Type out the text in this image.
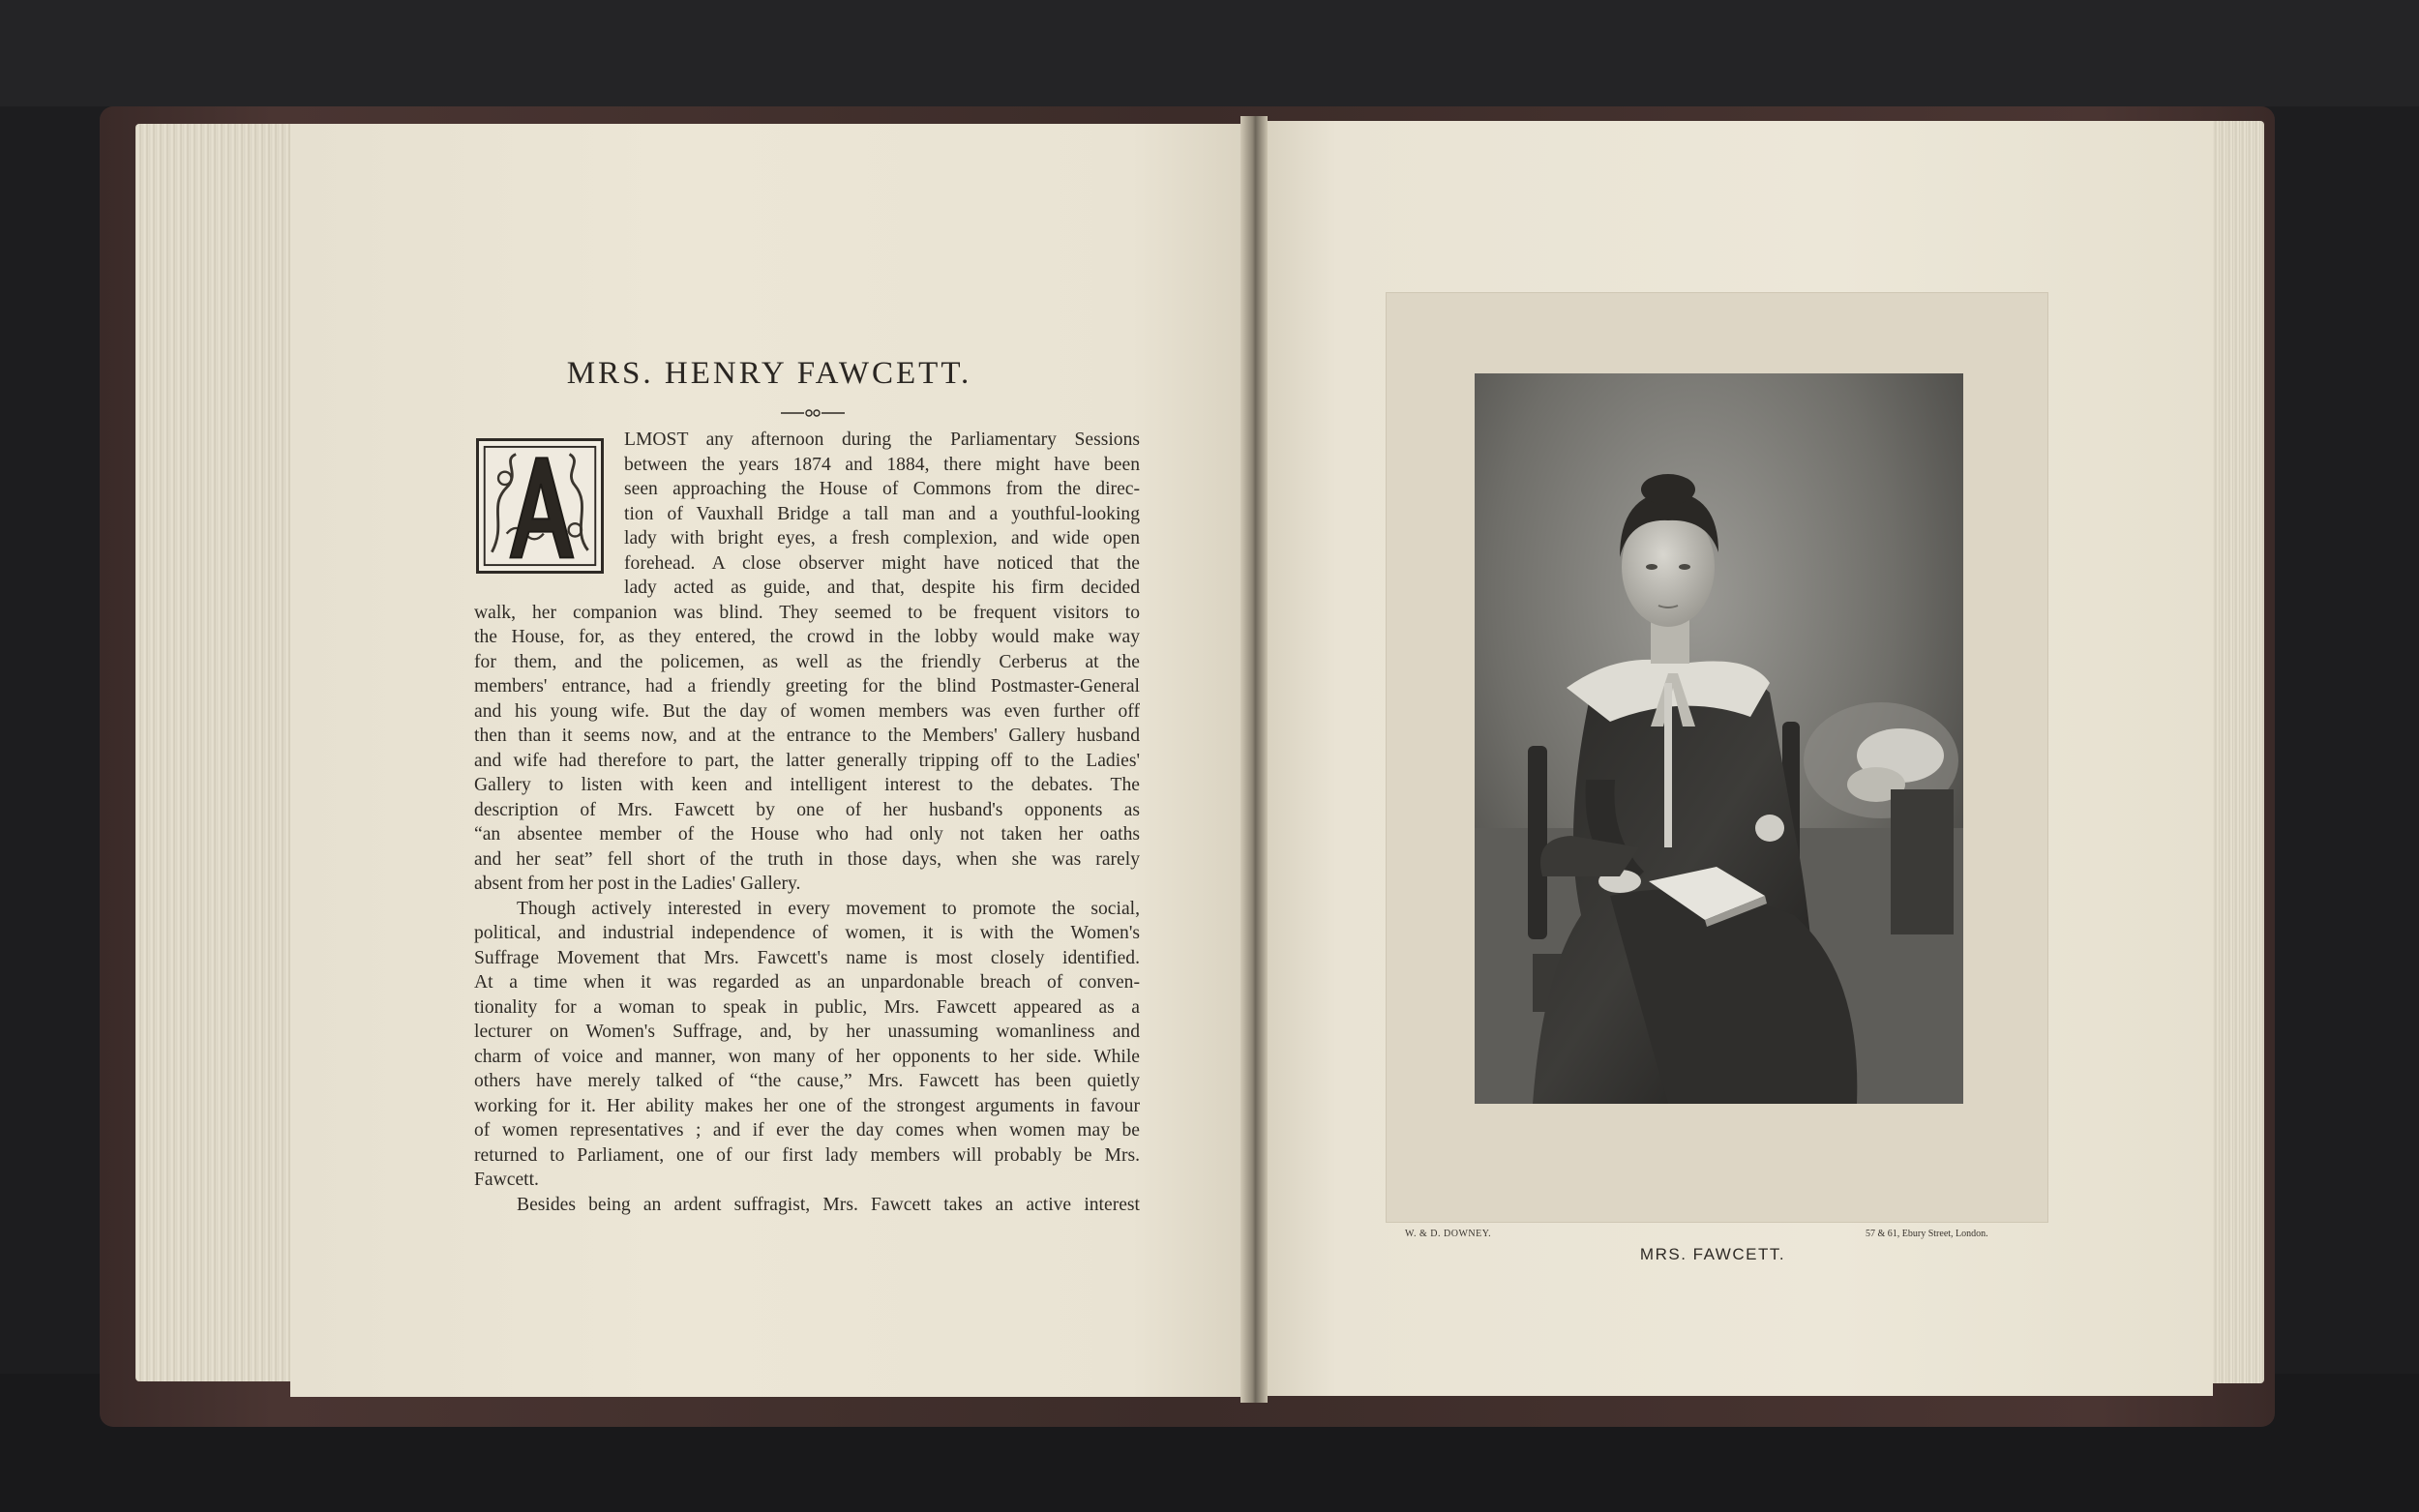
MRS. HENRY FAWCETT.
LMOST any afternoon during the Parliamentary Sessions
between the years 1874 and 1884, there might have been
seen approaching the House of Commons from the direc-
tion of Vauxhall Bridge a tall man and a youthful-looking
lady with bright eyes, a fresh complexion, and wide open
forehead. A close observer might have noticed that the
lady acted as guide, and that, despite his firm decided
walk, her companion was blind. They seemed to be frequent visitors to
the House, for, as they entered, the crowd in the lobby would make way
for them, and the policemen, as well as the friendly Cerberus at the
members' entrance, had a friendly greeting for the blind Postmaster-General
and his young wife. But the day of women members was even further off
then than it seems now, and at the entrance to the Members' Gallery husband
and wife had therefore to part, the latter generally tripping off to the Ladies'
Gallery to listen with keen and intelligent interest to the debates. The
description of Mrs. Fawcett by one of her husband's opponents as
“an absentee member of the House who had only not taken her oaths
and her seat” fell short of the truth in those days, when she was rarely
absent from her post in the Ladies' Gallery.
Though actively interested in every movement to promote the social,
political, and industrial independence of women, it is with the Women's
Suffrage Movement that Mrs. Fawcett's name is most closely identified.
At a time when it was regarded as an unpardonable breach of conven-
tionality for a woman to speak in public, Mrs. Fawcett appeared as a
lecturer on Women's Suffrage, and, by her unassuming womanliness and
charm of voice and manner, won many of her opponents to her side. While
others have merely talked of “the cause,” Mrs. Fawcett has been quietly
working for it. Her ability makes her one of the strongest arguments in favour
of women representatives ; and if ever the day comes when women may be
returned to Parliament, one of our first lady members will probably be Mrs.
Fawcett.
Besides being an ardent suffragist, Mrs. Fawcett takes an active interest
W. & D. DOWNEY.	57 & 61, Ebury Street, London.
MRS. FAWCETT.
